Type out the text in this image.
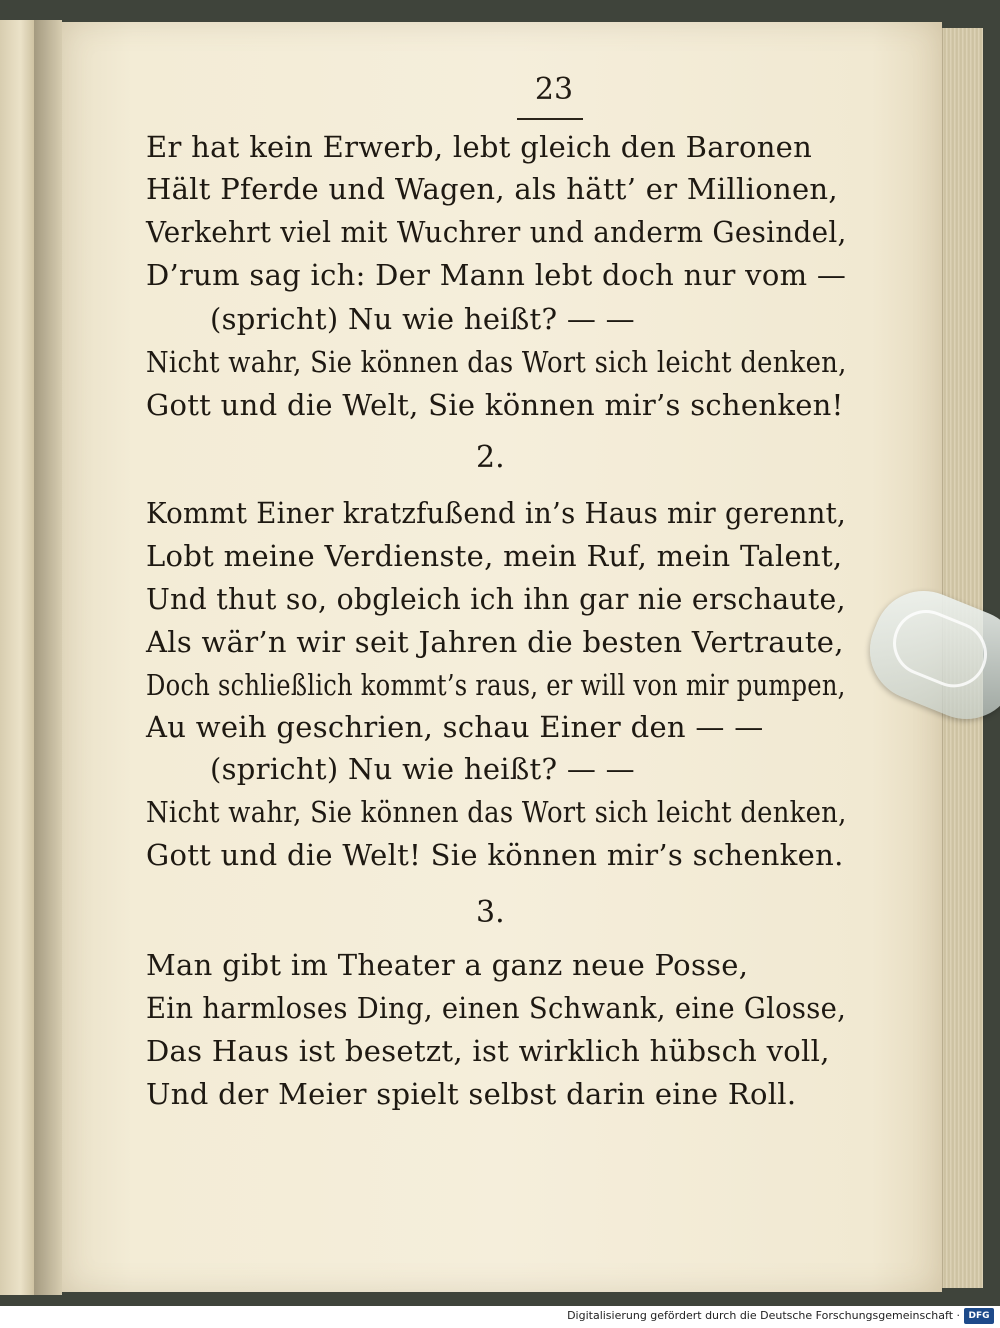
23
Er hat kein Erwerb, lebt gleich den Baronen
Hält Pferde und Wagen, als hätt’ er Millionen,
Verkehrt viel mit Wuchrer und anderm Gesindel,
D’rum sag ich: Der Mann lebt doch nur vom —
(spricht) Nu wie heißt? — —
Nicht wahr, Sie können das Wort sich leicht denken,
Gott und die Welt, Sie können mir’s schenken!
2.
Kommt Einer kratzfußend in’s Haus mir gerennt,
Lobt meine Verdienste, mein Ruf, mein Talent,
Und thut so, obgleich ich ihn gar nie erschaute,
Als wär’n wir seit Jahren die besten Vertraute,
Doch schließlich kommt’s raus, er will von mir pumpen,
Au weih geschrien, schau Einer den — —
(spricht) Nu wie heißt? — —
Nicht wahr, Sie können das Wort sich leicht denken,
Gott und die Welt! Sie können mir’s schenken.
3.
Man gibt im Theater a ganz neue Posse,
Ein harmloses Ding, einen Schwank, eine Glosse,
Das Haus ist besetzt, ist wirklich hübsch voll,
Und der Meier spielt selbst darin eine Roll.
Digitalisierung gefördert durch die Deutsche Forschungsgemeinschaft · DFG
